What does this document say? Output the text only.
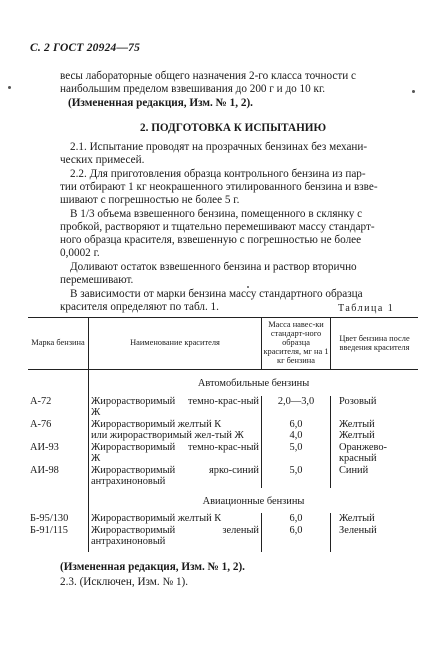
С. 2 ГОСТ 20924—75
весы лабораторные общего назначения 2-го класса точности с
наибольшим пределом взвешивания до 200 г и до 10 кг.
(Измененная редакция, Изм. № 1, 2).
2. ПОДГОТОВКА К ИСПЫТАНИЮ
2.1. Испытание проводят на прозрачных бензинах без механи-
ческих примесей.
2.2. Для приготовления образца контрольного бензина из пар-
тии отбирают 1 кг неокрашенного этилированного бензина и взве-
шивают с погрешностью не более 5 г.
В 1/3 объема взвешенного бензина, помещенного в склянку с
пробкой, растворяют и тщательно перемешивают массу стандарт-
ного образца красителя, взвешенную с погрешностью не более
0,0002 г.
Доливают остаток взвешенного бензина и раствор вторично
перемешивают.
В зависимости от марки бензина массу стандартного образца
красителя определяют по табл. 1.	Таблица 1
Марка бензина	Наименование красителя	Масса навес-ки стандарт-ного образца красителя, мг на 1 кг бензина	Цвет бензина после введения красителя
	Автомобильные бензины		
А-72	Жирорастворимый темно-крас-ный Ж	2,0—3,0	Розовый
А-76	Жирорастворимый желтый К	6,0	Желтый
	или жирорастворимый жел-тый Ж	4,0	Желтый
АИ-93	Жирорастворимый темно-крас-ный Ж	5,0	Оранжево-красный
АИ-98	Жирорастворимый ярко-синий антрахиноновый	5,0	Синий
	Авиационные бензины		
Б-95/130	Жирорастворимый желтый К	6,0	Желтый
Б-91/115	Жирорастворимый зеленый антрахиноновый	6,0	Зеленый
(Измененная редакция, Изм. № 1, 2).
2.3. (Исключен, Изм. № 1).
